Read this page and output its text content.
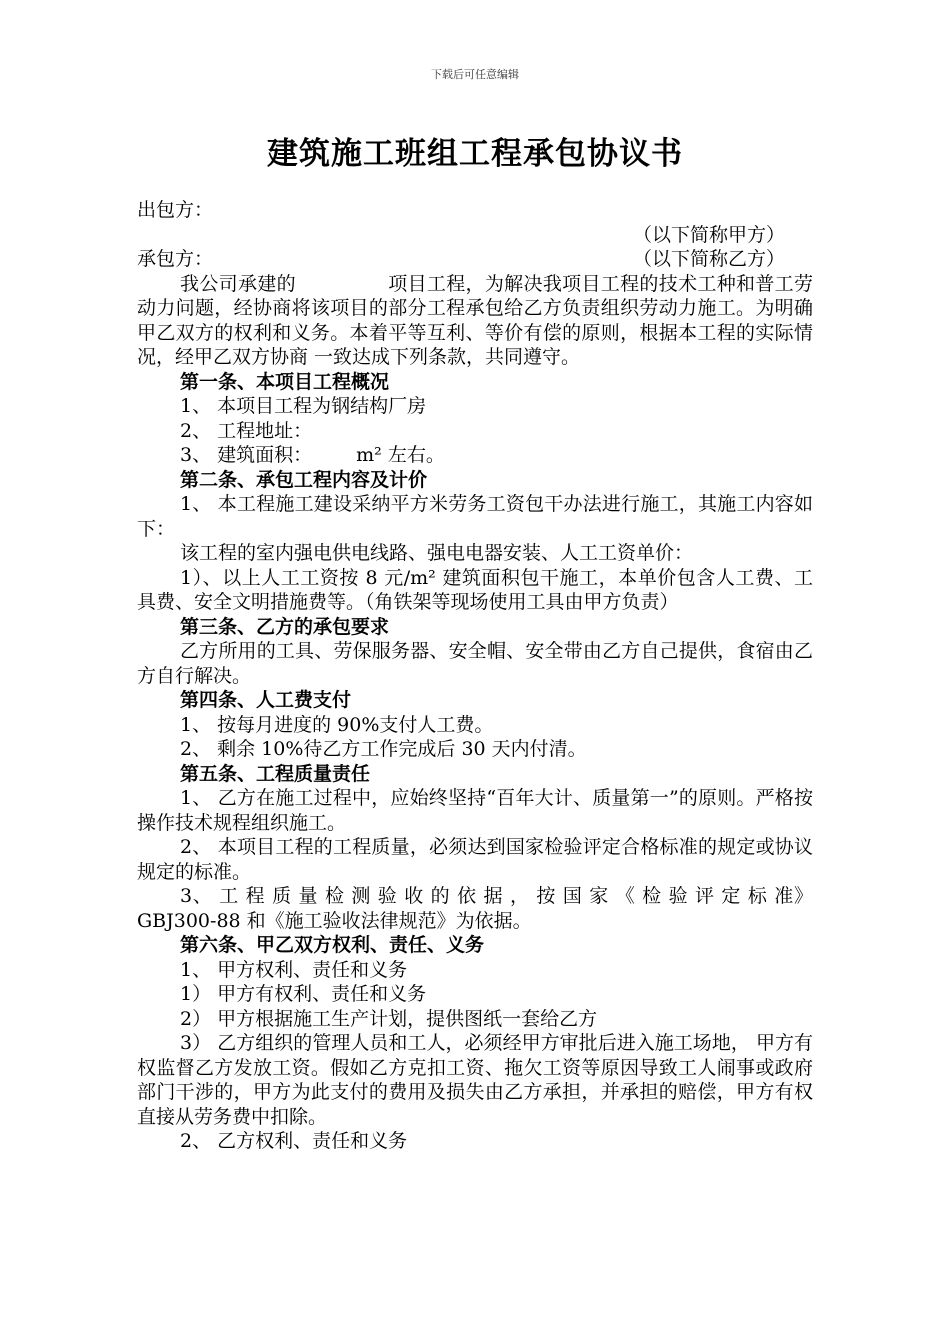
下载后可任意编辑
建筑施工班组工程承包协议书
出包方：
（以下简称甲方）
承包方：	（以下简称乙方）
我公司承建的	项目工程，为解决我项目工程的技术工种和普工劳动力问题，经协商将该项目的部分工程承包给乙方负责组织劳动力施工。为明确甲乙双方的权利和义务。本着平等互利、等价有偿的原则，根据本工程的实际情况，经甲乙双方协商 一致达成下列条款，共同遵守。
第一条、本项目工程概况
1、 本项目工程为钢结构厂房
2、 工程地址：
3、 建筑面积： m² 左右。
第二条、承包工程内容及计价
1、 本工程施工建设采纳平方米劳务工资包干办法进行施工，其施工内容如下：
该工程的室内强电供电线路、强电电器安装、人工工资单价：
1）、以上人工工资按 8 元/m² 建筑面积包干施工，本单价包含人工费、工具费、安全文明措施费等。（角铁架等现场使用工具由甲方负责）
第三条、乙方的承包要求
乙方所用的工具、劳保服务器、安全帽、安全带由乙方自己提供，食宿由乙方自行解决。
第四条、人工费支付
1、 按每月进度的 90%支付人工费。
2、 剩余 10%待乙方工作完成后 30 天内付清。
第五条、工程质量责任
1、 乙方在施工过程中，应始终坚持“百年大计、质量第一”的原则。严格按操作技术规程组织施工。
2、 本项目工程的工程质量，必须达到国家检验评定合格标准的规定或协议规定的标准。
3、 工 程 质 量 检 测 验 收 的 依 据 ， 按 国 家 《 检 验 评 定 标 准》GBJ300-88 和《施工验收法律规范》为依据。
第六条、甲乙双方权利、责任、义务
1、 甲方权利、责任和义务
1） 甲方有权利、责任和义务
2） 甲方根据施工生产计划，提供图纸一套给乙方
3） 乙方组织的管理人员和工人，必须经甲方审批后进入施工场地， 甲方有权监督乙方发放工资。假如乙方克扣工资、拖欠工资等原因导致工人闹事或政府部门干涉的，甲方为此支付的费用及损失由乙方承担，并承担的赔偿，甲方有权直接从劳务费中扣除。
2、 乙方权利、责任和义务
